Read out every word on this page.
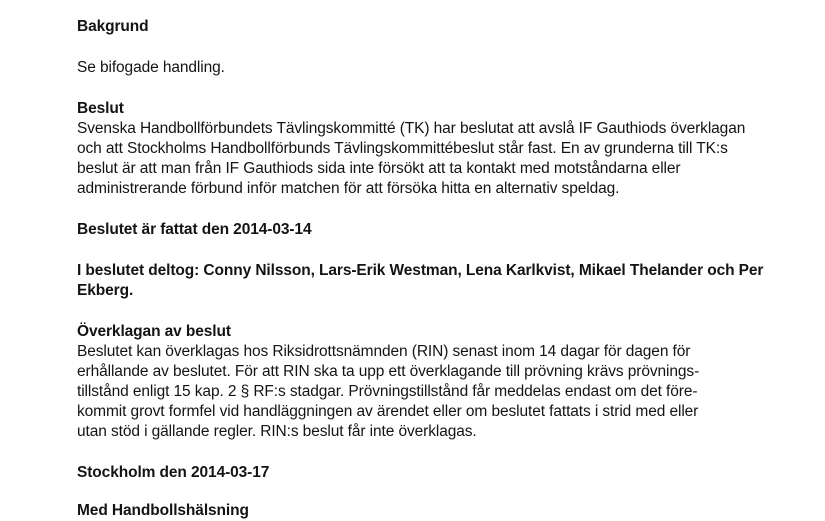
Bakgrund
Se bifogade handling.
Beslut
Svenska Handbollförbundets Tävlingskommitté (TK) har beslutat att avslå IF Gauthiods överklagan
och att Stockholms Handbollförbunds Tävlingskommittébeslut står fast. En av grunderna till TK:s
beslut är att man från IF Gauthiods sida inte försökt att ta kontakt med motståndarna eller
administrerande förbund inför matchen för att försöka hitta en alternativ speldag.
Beslutet är fattat den 2014-03-14
I beslutet deltog: Conny Nilsson, Lars-Erik Westman, Lena Karlkvist, Mikael Thelander och Per
Ekberg.
Överklagan av beslut
Beslutet kan överklagas hos Riksidrottsnämnden (RIN) senast inom 14 dagar för dagen för
erhållande av beslutet. För att RIN ska ta upp ett överklagande till prövning krävs prövnings-
tillstånd enligt 15 kap. 2 § RF:s stadgar. Prövningstillstånd får meddelas endast om det före-
kommit grovt formfel vid handläggningen av ärendet eller om beslutet fattats i strid med eller
utan stöd i gällande regler. RIN:s beslut får inte överklagas.
Stockholm den 2014-03-17
Med Handbollshälsning
